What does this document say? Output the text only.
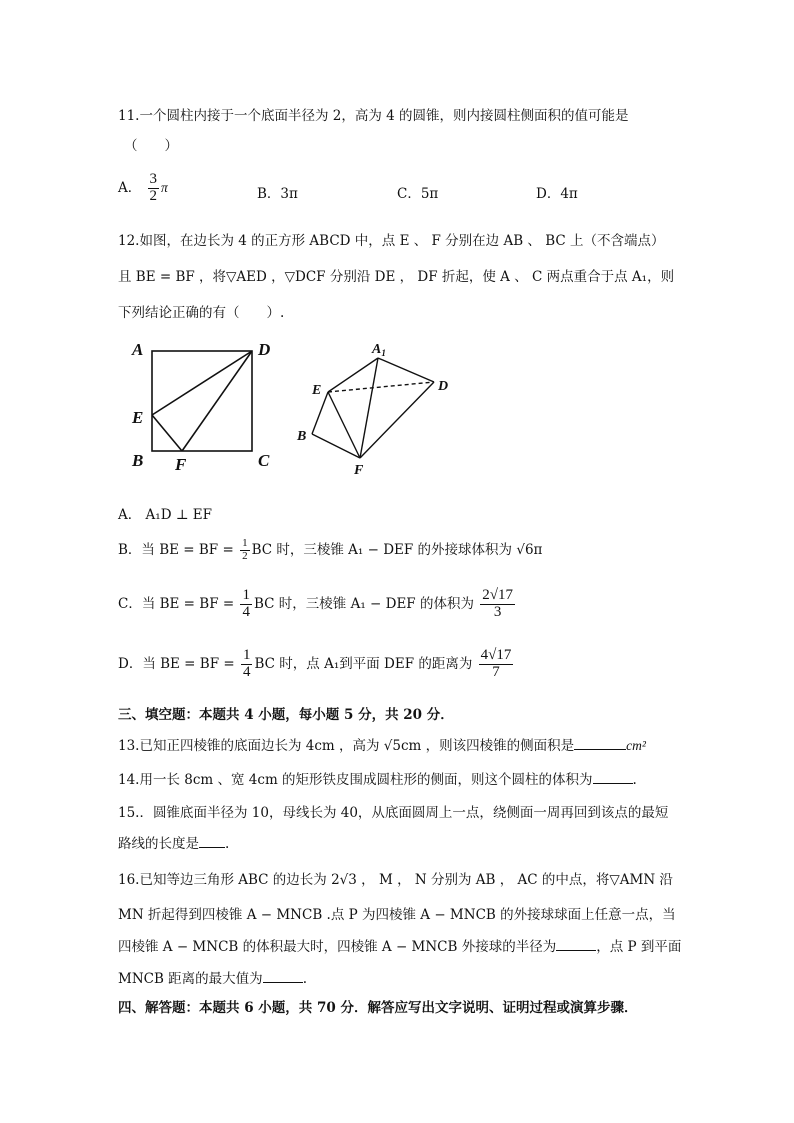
11.一个圆柱内接于一个底面半径为 2，高为 4 的圆锥，则内接圆柱侧面积的值可能是
（　　）
A． $\frac{3}{2}$ π	B．3π	C．5π	D．4π
12.如图，在边长为 4 的正方形 ABCD 中，点 E 、 F 分别在边 AB 、 BC 上（不含端点）
且 BE = BF ，将▽AED ，▽DCF 分别沿 DE ， DF 折起，使 A 、 C 两点重合于点 A₁，则
下列结论正确的有（　　）.
A	D
E
B F	C
$A_1$
E	D
B
F
A． A₁D ⊥ EF
B．当 BE = BF = $\frac{1}{2}$ BC 时，三棱锥 A₁ − DEF 的外接球体积为 √6π
C．当 BE = BF = $\frac{1}{4}$ BC 时，三棱锥 A₁ − DEF 的体积为 $\frac{2√17}{3}$
D．当 BE = BF = $\frac{1}{4}$ BC 时，点 A₁到平面 DEF 的距离为 $\frac{4√17}{7}$
三、填空题：本题共 4 小题，每小题 5 分，共 20 分．
13.已知正四棱锥的底面边长为 4cm ，高为 √5cm ，则该四棱锥的侧面积是	cm²
14.用一长 8cm 、宽 4cm 的矩形铁皮围成圆柱形的侧面，则这个圆柱的体积为	.
15.．圆锥底面半径为 10，母线长为 40，从底面圆周上一点，绕侧面一周再回到该点的最短
路线的长度是 .
16.已知等边三角形 ABC 的边长为 2√3 ， M ， N 分别为 AB ， AC 的中点，将▽AMN 沿
MN 折起得到四棱锥 A − MNCB .点 P 为四棱锥 A − MNCB 的外接球球面上任意一点，当
四棱锥 A − MNCB 的体积最大时，四棱锥 A − MNCB 外接球的半径为	，点 P 到平面
MNCB 距离的最大值为	.
四、解答题：本题共 6 小题，共 70 分．解答应写出文字说明、证明过程或演算步骤．
